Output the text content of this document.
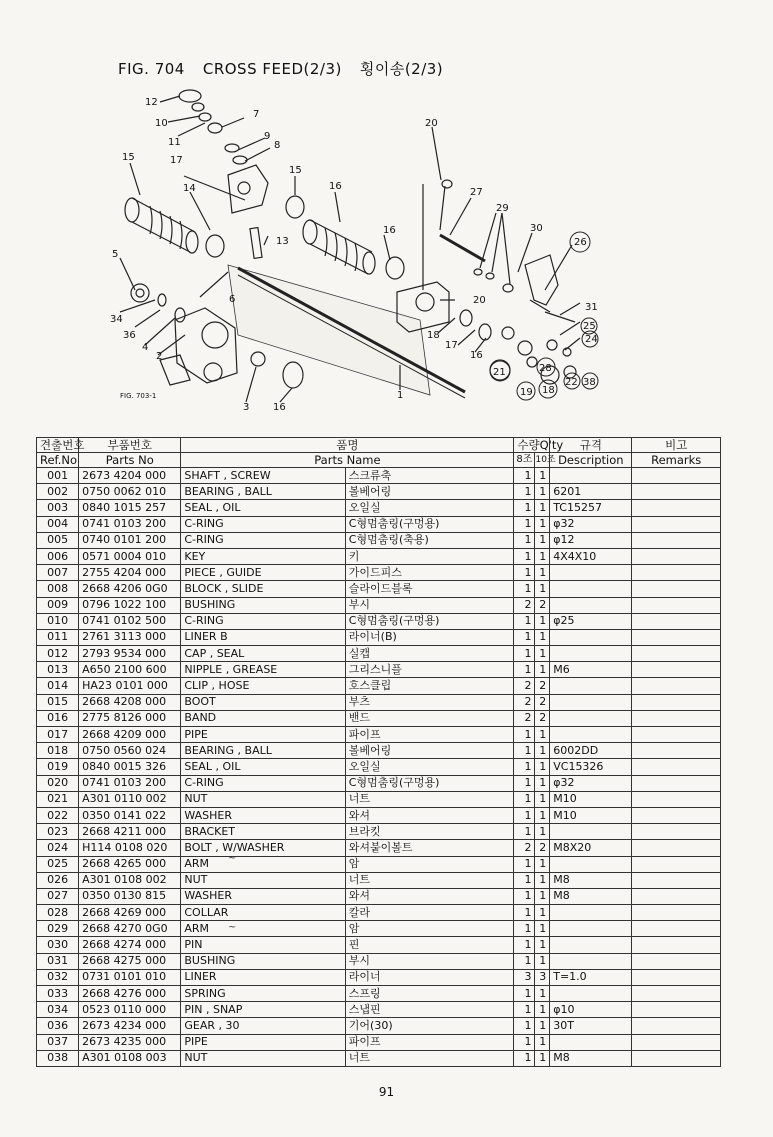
FIG. 704 CROSS FEED(2/3) 횡이송(2/3)
12
10
11
7
9
8
15	17
14
15
16
13
16
5
6
34
36
4
2
3 16
1
20
27
29
30
26
31
25
24
20
18
17
16
21	28
19 18
22 38
FIG. 703-1
견출번호	부품번호	품명		수량Q'ty		규격	비고
Ref.No	Parts No	Parts Name		8조	10조	Description	Remarks
001	2673 4204 000	SHAFT , SCREW	스크류축	1	1		
002	0750 0062 010	BEARING , BALL	볼베어링	1	1	6201	
003	0840 1015 257	SEAL , OIL	오일실	1	1	TC15257	
004	0741 0103 200	C-RING	C형멈춤링(구멍용)	1	1	φ32	
005	0740 0101 200	C-RING	C형멈춤링(축용)	1	1	φ12	
006	0571 0004 010	KEY	키	1	1	4X4X10	
007	2755 4204 000	PIECE , GUIDE	가이드피스	1	1		
008	2668 4206 0G0	BLOCK , SLIDE	슬라이드블록	1	1		
009	0796 1022 100	BUSHING	부시	2	2		
010	0741 0102 500	C-RING	C형멈춤링(구멍용)	1	1	φ25	
011	2761 3113 000	LINER B	라이너(B)	1	1		
012	2793 9534 000	CAP , SEAL	실캡	1	1		
013	A650 2100 600	NIPPLE , GREASE	그리스니플	1	1	M6	
014	HA23 0101 000	CLIP , HOSE	호스클립	2	2		
015	2668 4208 000	BOOT	부츠	2	2		
016	2775 8126 000	BAND	밴드	2	2		
017	2668 4209 000	PIPE	파이프	1	1		
018	0750 0560 024	BEARING , BALL	볼베어링	1	1	6002DD	
019	0840 0015 326	SEAL , OIL	오일실	1	1	VC15326	
020	0741 0103 200	C-RING	C형멈춤링(구멍용)	1	1	φ32	
021	A301 0110 002	NUT	너트	1	1	M10	
022	0350 0141 022	WASHER	와셔	1	1	M10	
023	2668 4211 000	BRACKET	브라킷	1	1		
024	H114 0108 020	BOLT , W/WASHER	와셔붙이볼트	2	2	M8X20	
025	2668 4265 000	ARM	암	1	1		
026	A301 0108 002	NUT	너트	1	1	M8	
027	0350 0130 815	WASHER	와셔	1	1	M8	
028	2668 4269 000	COLLAR	칼라	1	1		
029	2668 4270 0G0	ARM	암	1	1		
030	2668 4274 000	PIN	핀	1	1		
031	2668 4275 000	BUSHING	부시	1	1		
032	0731 0101 010	LINER	라이너	3	3	T=1.0	
033	2668 4276 000	SPRING	스프링	1	1		
034	0523 0110 000	PIN , SNAP	스냅핀	1	1	φ10	
036	2673 4234 000	GEAR , 30	기어(30)	1	1	30T	
037	2673 4235 000	PIPE	파이프	1	1		
038	A301 0108 003	NUT	너트	1	1	M8	
~
~
91
